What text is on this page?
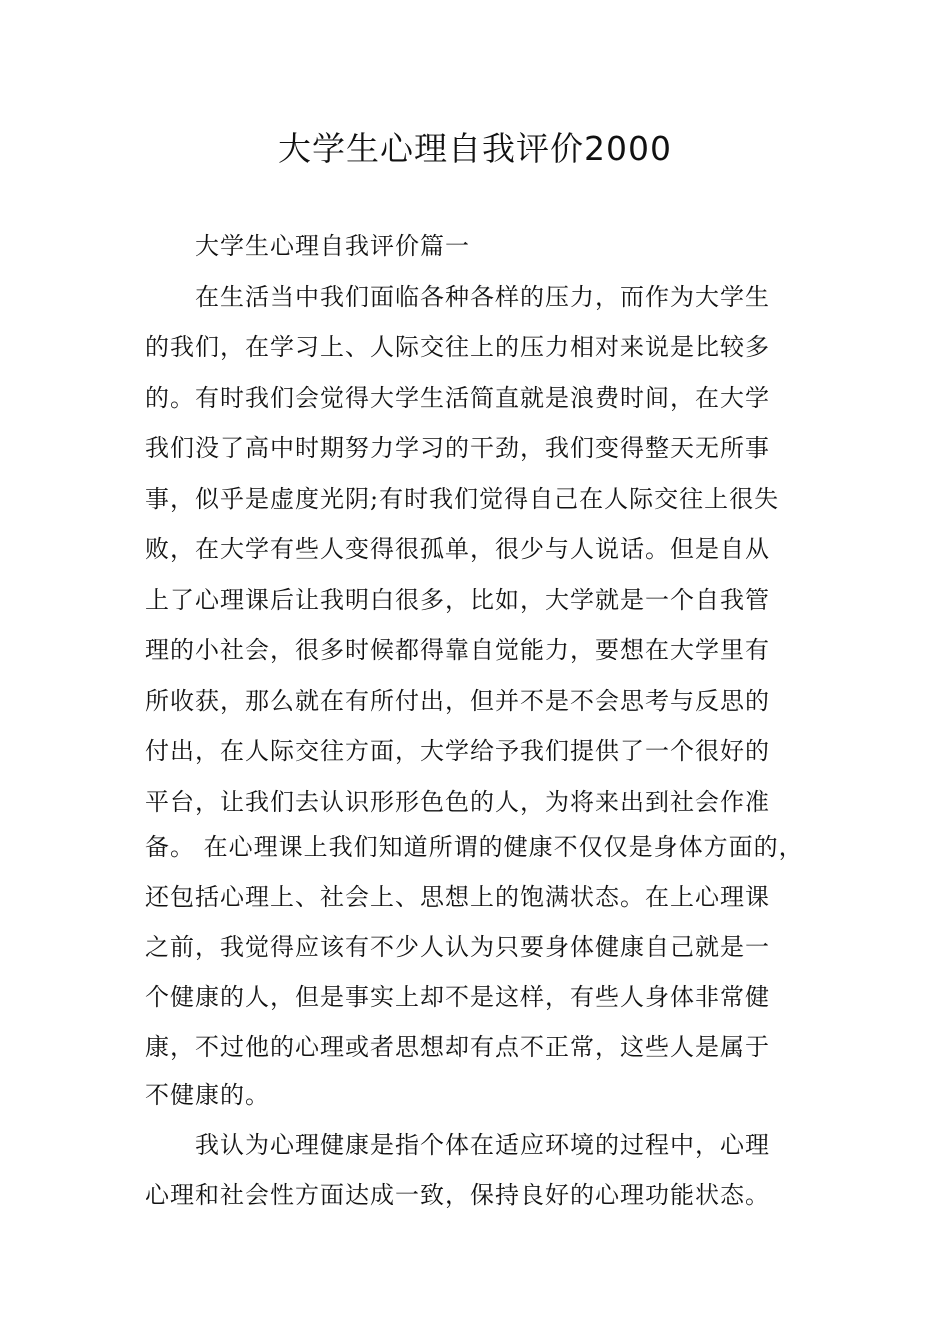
大学生心理自我评价2000
大学生心理自我评价篇一
在生活当中我们面临各种各样的压力，而作为大学生
的我们，在学习上、人际交往上的压力相对来说是比较多
的。有时我们会觉得大学生活简直就是浪费时间，在大学
我们没了高中时期努力学习的干劲，我们变得整天无所事
事，似乎是虚度光阴;有时我们觉得自己在人际交往上很失
败，在大学有些人变得很孤单，很少与人说话。但是自从
上了心理课后让我明白很多，比如，大学就是一个自我管
理的小社会，很多时候都得靠自觉能力，要想在大学里有
所收获，那么就在有所付出，但并不是不会思考与反思的
付出，在人际交往方面，大学给予我们提供了一个很好的
平台，让我们去认识形形色色的人，为将来出到社会作准
备。 在心理课上我们知道所谓的健康不仅仅是身体方面的，
还包括心理上、社会上、思想上的饱满状态。在上心理课
之前，我觉得应该有不少人认为只要身体健康自己就是一
个健康的人，但是事实上却不是这样，有些人身体非常健
康，不过他的心理或者思想却有点不正常，这些人是属于
不健康的。
我认为心理健康是指个体在适应环境的过程中，心理
心理和社会性方面达成一致，保持良好的心理功能状态。
